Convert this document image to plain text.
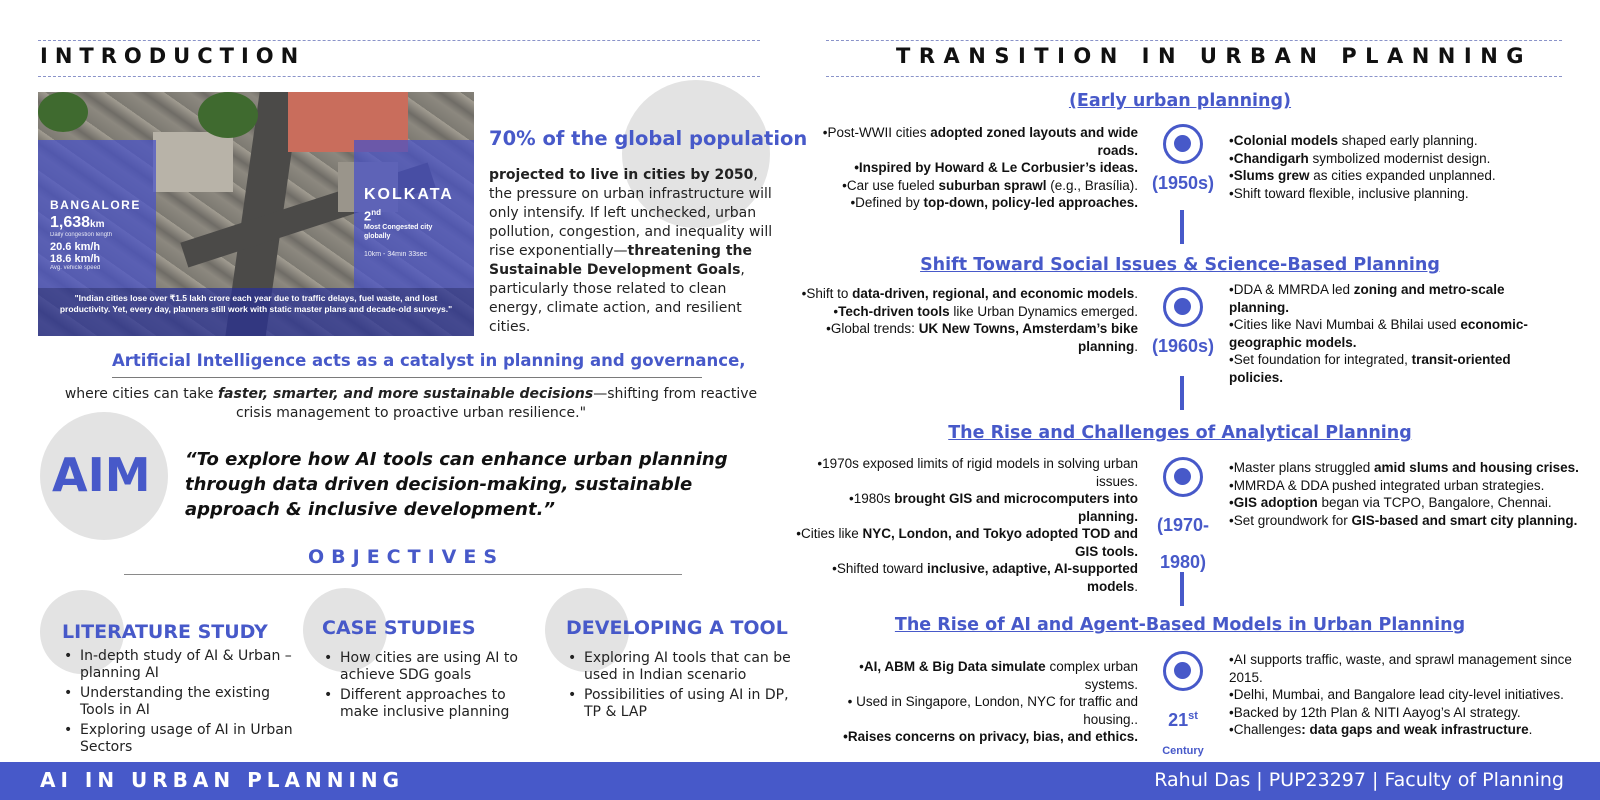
INTRODUCTION
BANGALORE
1,638km
Daily congestion length
20.6 km/h
18.6 km/h
Avg. vehicle speed
KOLKATA
2nd
Most Congested city globally
10km - 34min 33sec
"Indian cities lose over ₹1.5 lakh crore each year due to traffic delays, fuel waste, and lost productivity. Yet, every day, planners still work with static master plans and decade-old surveys."
70% of the global population
projected to live in cities by 2050, the pressure on urban infrastructure will only intensify. If left unchecked, urban pollution, congestion, and inequality will rise exponentially—threatening the Sustainable Development Goals, particularly those related to clean energy, climate action, and resilient cities.
Artificial Intelligence acts as a catalyst in planning and governance,
where cities can take faster, smarter, and more sustainable decisions—shifting from reactive crisis management to proactive urban resilience."
AIM “To explore how AI tools can enhance urban planning through data driven decision-making, sustainable approach & inclusive development.”
OBJECTIVES
LITERATURE STUDY
• In-depth study of AI & Urban –planning AI
• Understanding the existing Tools in AI
• Exploring usage of AI in Urban Sectors
CASE STUDIES
• How cities are using AI to achieve SDG goals
• Different approaches to make inclusive planning
DEVELOPING A TOOL
• Exploring AI tools that can be used in Indian scenario
• Possibilities of using AI in DP, TP & LAP
TRANSITION IN URBAN PLANNING
(Early urban planning)
•Post-WWII cities adopted zoned layouts and wide roads.
•Inspired by Howard & Le Corbusier’s ideas.
•Car use fueled suburban sprawl (e.g., Brasília).
•Defined by top-down, policy-led approaches.
(1950s)
•Colonial models shaped early planning.
•Chandigarh symbolized modernist design.
•Slums grew as cities expanded unplanned.
•Shift toward flexible, inclusive planning.
Shift Toward Social Issues & Science-Based Planning
•Shift to data-driven, regional, and economic models.
•Tech-driven tools like Urban Dynamics emerged.
•Global trends: UK New Towns, Amsterdam’s bike planning. (1960s)
•DDA & MMRDA led zoning and metro-scale planning.
•Cities like Navi Mumbai & Bhilai used economic-geographic models.
•Set foundation for integrated, transit-oriented policies.
The Rise and Challenges of Analytical Planning
•1970s exposed limits of rigid models in solving urban issues.
•1980s brought GIS and microcomputers into planning.
•Cities like NYC, London, and Tokyo adopted TOD and GIS tools.
•Shifted toward inclusive, adaptive, AI-supported models.
(1970-
1980)
•Master plans struggled amid slums and housing crises.
•MMRDA & DDA pushed integrated urban strategies.
•GIS adoption began via TCPO, Bangalore, Chennai.
•Set groundwork for GIS-based and smart city planning.
The Rise of AI and Agent-Based Models in Urban Planning
•AI, ABM & Big Data simulate complex urban systems.
• Used in Singapore, London, NYC for traffic and housing..
•Raises concerns on privacy, bias, and ethics.
21st
Century
•AI supports traffic, waste, and sprawl management since 2015.
•Delhi, Mumbai, and Bangalore lead city-level initiatives.
•Backed by 12th Plan & NITI Aayog’s AI strategy.
•Challenges: data gaps and weak infrastructure.
AI IN URBAN PLANNING	Rahul Das | PUP23297 | Faculty of Planning
